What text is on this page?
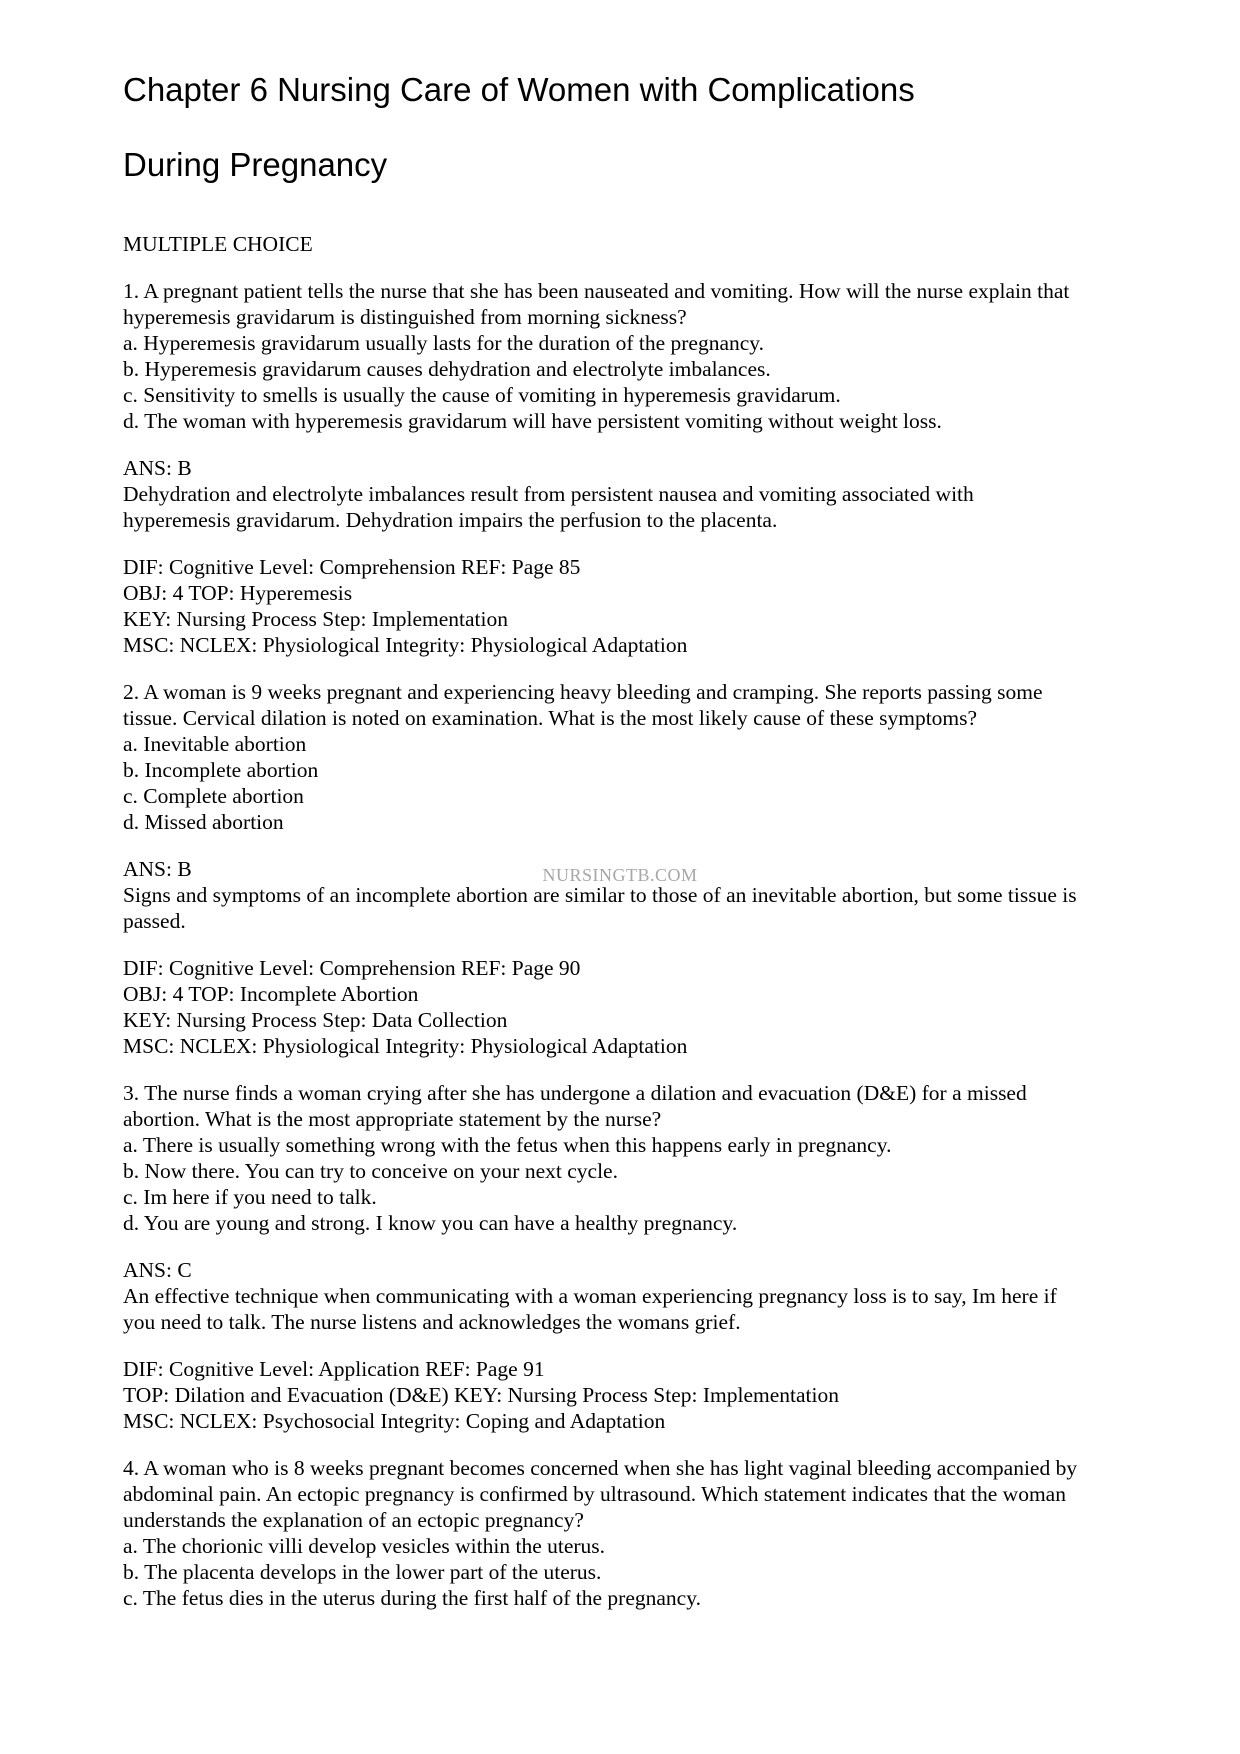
NURSINGTB.COM
Chapter 6 Nursing Care of Women with Complications
During Pregnancy
MULTIPLE CHOICE
1. A pregnant patient tells the nurse that she has been nauseated and vomiting. How will the nurse explain that
hyperemesis gravidarum is distinguished from morning sickness?
a. Hyperemesis gravidarum usually lasts for the duration of the pregnancy.
b. Hyperemesis gravidarum causes dehydration and electrolyte imbalances.
c. Sensitivity to smells is usually the cause of vomiting in hyperemesis gravidarum.
d. The woman with hyperemesis gravidarum will have persistent vomiting without weight loss.
ANS: B
Dehydration and electrolyte imbalances result from persistent nausea and vomiting associated with
hyperemesis gravidarum. Dehydration impairs the perfusion to the placenta.
DIF: Cognitive Level: Comprehension REF: Page 85
OBJ: 4 TOP: Hyperemesis
KEY: Nursing Process Step: Implementation
MSC: NCLEX: Physiological Integrity: Physiological Adaptation
2. A woman is 9 weeks pregnant and experiencing heavy bleeding and cramping. She reports passing some
tissue. Cervical dilation is noted on examination. What is the most likely cause of these symptoms?
a. Inevitable abortion
b. Incomplete abortion
c. Complete abortion
d. Missed abortion
ANS: B
Signs and symptoms of an incomplete abortion are similar to those of an inevitable abortion, but some tissue is
passed.
DIF: Cognitive Level: Comprehension REF: Page 90
OBJ: 4 TOP: Incomplete Abortion
KEY: Nursing Process Step: Data Collection
MSC: NCLEX: Physiological Integrity: Physiological Adaptation
3. The nurse finds a woman crying after she has undergone a dilation and evacuation (D&E) for a missed
abortion. What is the most appropriate statement by the nurse?
a. There is usually something wrong with the fetus when this happens early in pregnancy.
b. Now there. You can try to conceive on your next cycle.
c. Im here if you need to talk.
d. You are young and strong. I know you can have a healthy pregnancy.
ANS: C
An effective technique when communicating with a woman experiencing pregnancy loss is to say, Im here if
you need to talk. The nurse listens and acknowledges the womans grief.
DIF: Cognitive Level: Application REF: Page 91
TOP: Dilation and Evacuation (D&E) KEY: Nursing Process Step: Implementation
MSC: NCLEX: Psychosocial Integrity: Coping and Adaptation
4. A woman who is 8 weeks pregnant becomes concerned when she has light vaginal bleeding accompanied by
abdominal pain. An ectopic pregnancy is confirmed by ultrasound. Which statement indicates that the woman
understands the explanation of an ectopic pregnancy?
a. The chorionic villi develop vesicles within the uterus.
b. The placenta develops in the lower part of the uterus.
c. The fetus dies in the uterus during the first half of the pregnancy.
